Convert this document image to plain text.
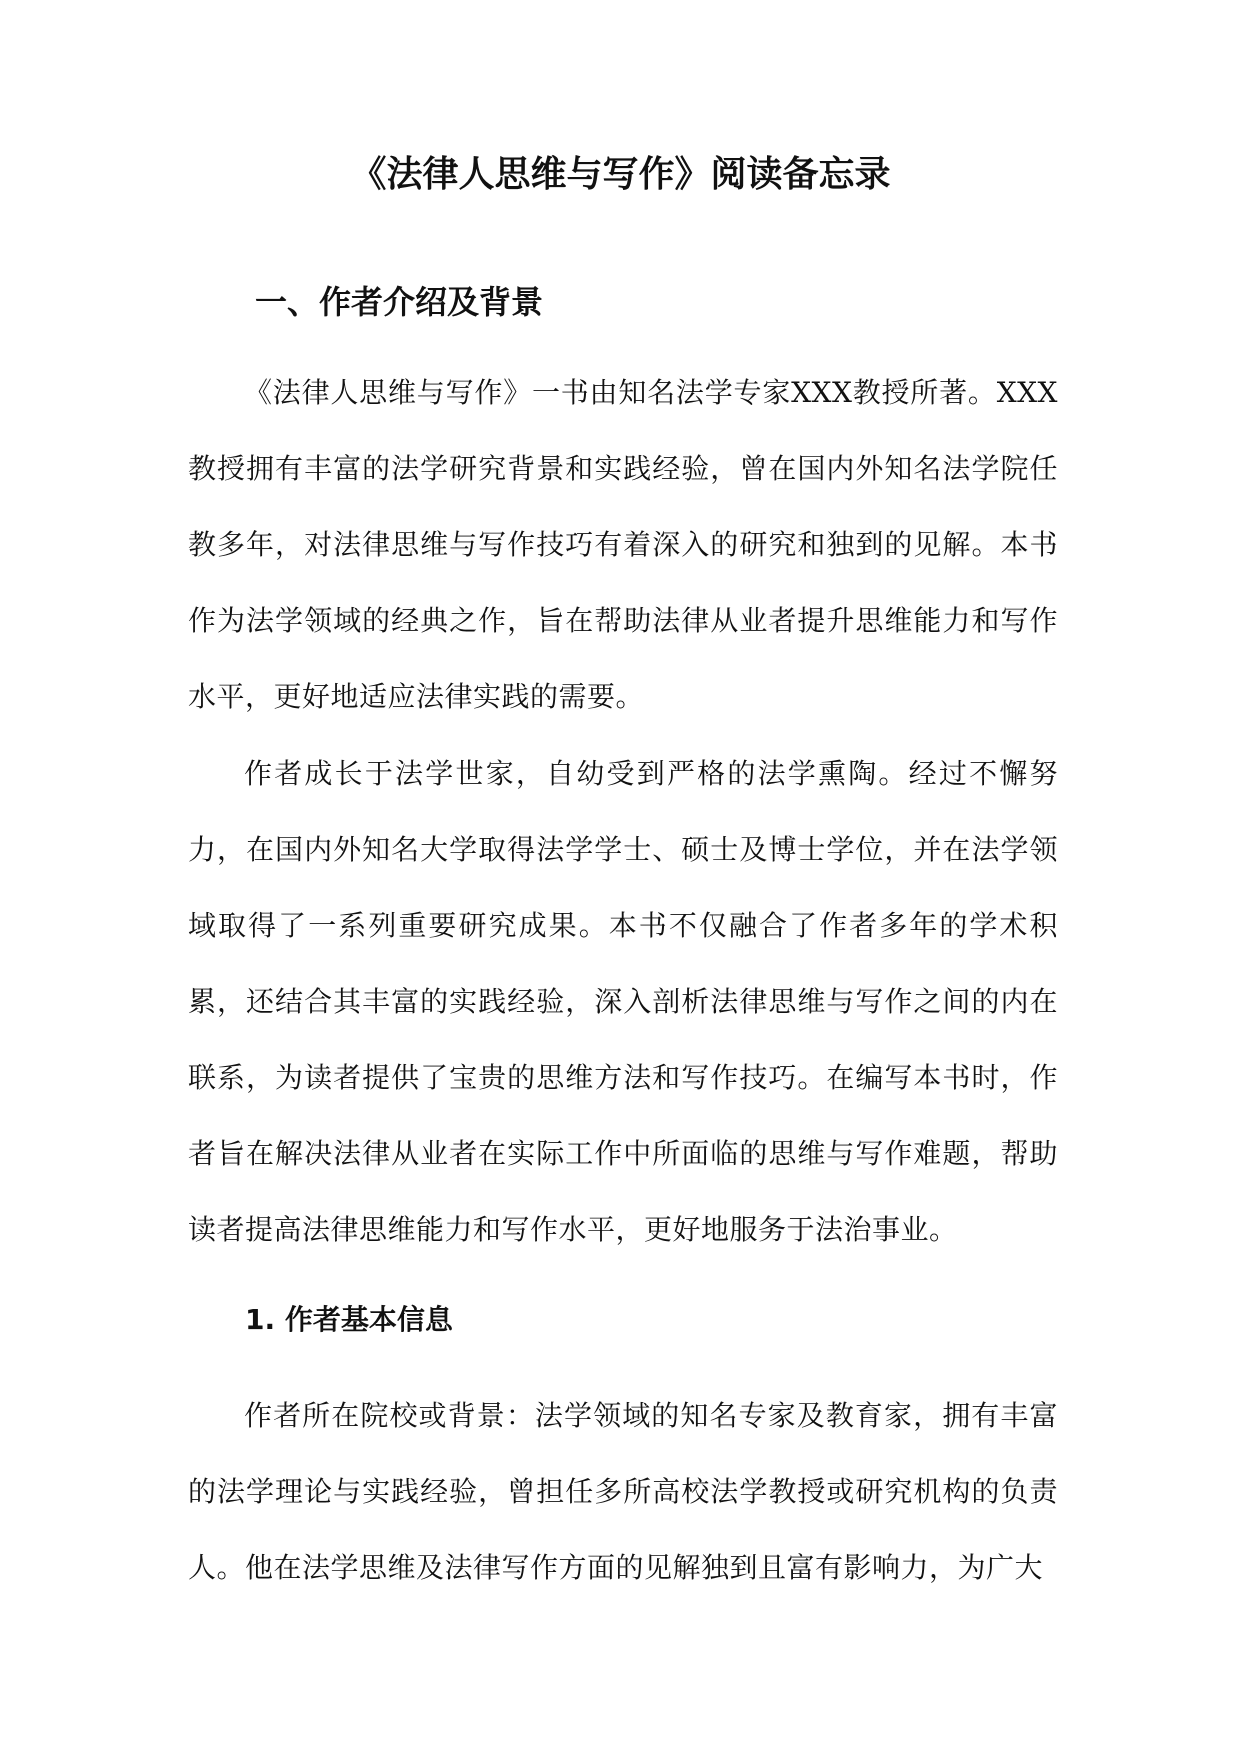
《法律人思维与写作》阅读备忘录
一、作者介绍及背景

《法律人思维与写作》一书由知名法学专家XXX教授所著。XXX教授拥有丰富的法学研究背景和实践经验，曾在国内外知名法学院任教多年，对法律思维与写作技巧有着深入的研究和独到的见解。本书作为法学领域的经典之作，旨在帮助法律从业者提升思维能力和写作水平，更好地适应法律实践的需要。

作者成长于法学世家，自幼受到严格的法学熏陶。经过不懈努力，在国内外知名大学取得法学学士、硕士及博士学位，并在法学领域取得了一系列重要研究成果。本书不仅融合了作者多年的学术积累，还结合其丰富的实践经验，深入剖析法律思维与写作之间的内在联系，为读者提供了宝贵的思维方法和写作技巧。在编写本书时，作者旨在解决法律从业者在实际工作中所面临的思维与写作难题，帮助读者提高法律思维能力和写作水平，更好地服务于法治事业。

1. 作者基本信息

作者所在院校或背景：法学领域的知名专家及教育家，拥有丰富的法学理论与实践经验，曾担任多所高校法学教授或研究机构的负责人。他在法学思维及法律写作方面的见解独到且富有影响力，为广大
